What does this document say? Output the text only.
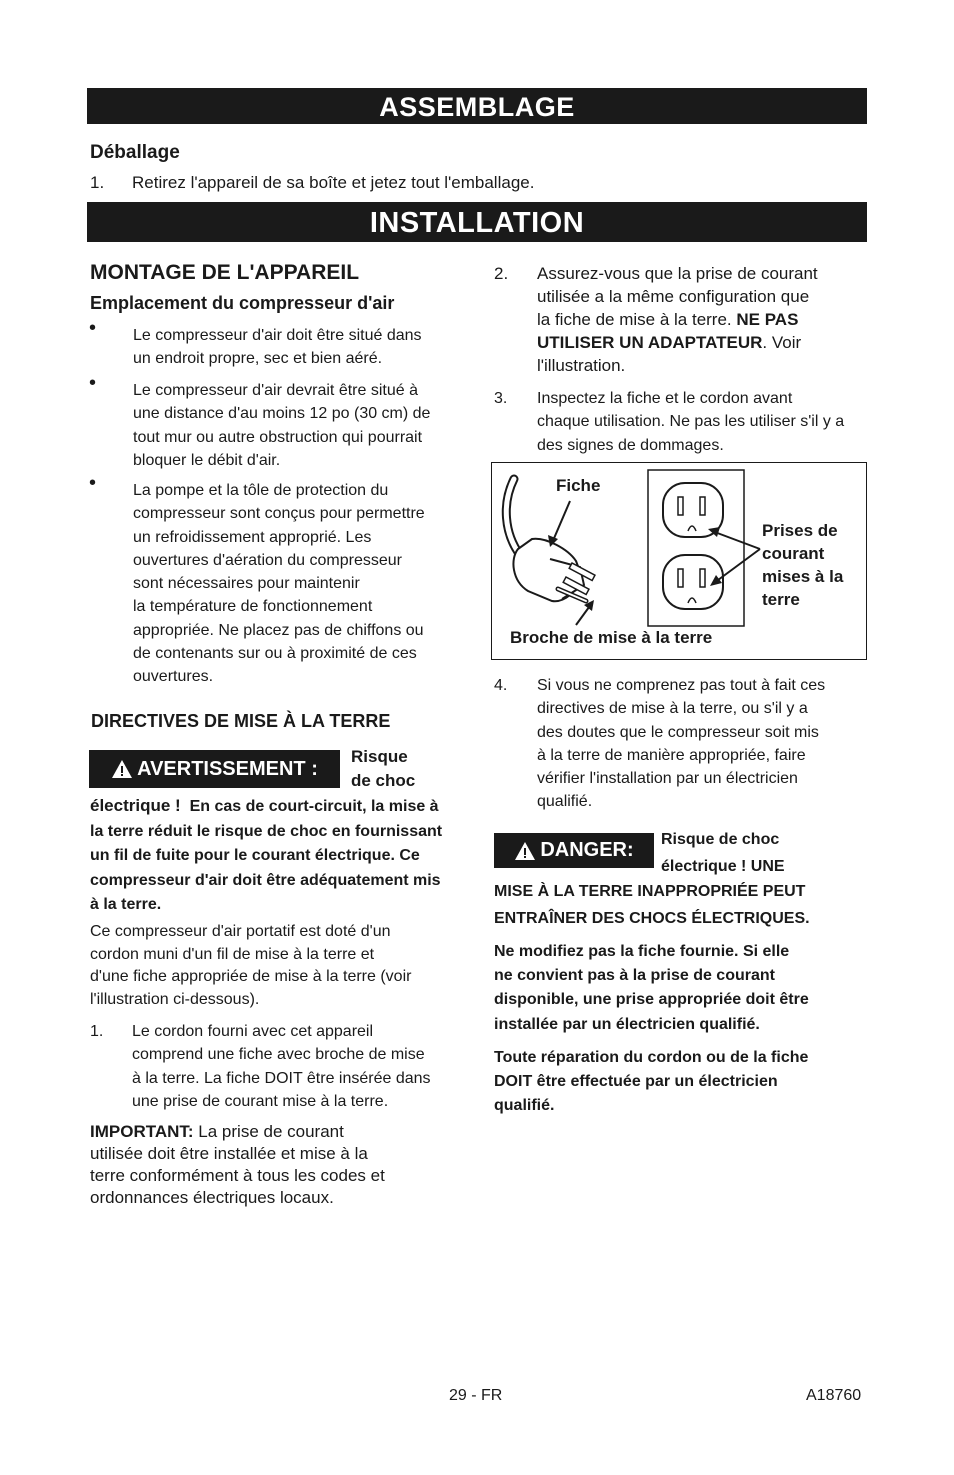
ASSEMBLAGE
Déballage
1. Retirez l'appareil de sa boîte et jetez tout l'emballage.
INSTALLATION
MONTAGE DE L'APPAREIL
Emplacement du compresseur d'air
• Le compresseur d'air doit être situé dans
un endroit propre, sec et bien aéré.
• Le compresseur d'air devrait être situé à
une distance d'au moins 12 po (30 cm) de
tout mur ou autre obstruction qui pourrait
bloquer le débit d'air.
• La pompe et la tôle de protection du
compresseur sont conçus pour permettre
un refroidissement approprié. Les
ouvertures d'aération du compresseur
sont nécessaires pour maintenir
la température de fonctionnement
appropriée. Ne placez pas de chiffons ou
de contenants sur ou à proximité de ces
ouvertures.
DIRECTIVES DE MISE À LA TERRE
AVERTISSEMENT :
Risque
de choc
électrique ! En cas de court-circuit, la mise à
la terre réduit le risque de choc en fournissant
un fil de fuite pour le courant électrique. Ce
compresseur d'air doit être adéquatement mis
à la terre.
Ce compresseur d'air portatif est doté d'un
cordon muni d'un fil de mise à la terre et
d'une fiche appropriée de mise à la terre (voir
l'illustration ci-dessous).
1. Le cordon fourni avec cet appareil
comprend une fiche avec broche de mise
à la terre. La fiche DOIT être insérée dans
une prise de courant mise à la terre.
IMPORTANT: La prise de courant
utilisée doit être installée et mise à la
terre conformément à tous les codes et
ordonnances électriques locaux.
2. Assurez-vous que la prise de courant
utilisée a la même configuration que
la fiche de mise à la terre. NE PAS
UTILISER UN ADAPTATEUR. Voir
l'illustration.
3. Inspectez la fiche et le cordon avant
chaque utilisation. Ne pas les utiliser s'il y a
des signes de dommages.
Fiche
Prises de
courant
mises à la
terre
Broche de mise à la terre
4. Si vous ne comprenez pas tout à fait ces
directives de mise à la terre, ou s'il y a
des doutes que le compresseur soit mis
à la terre de manière appropriée, faire
vérifier l'installation par un électricien
qualifié.
DANGER: Risque de choc
électrique ! UNE
MISE À LA TERRE INAPPROPRIÉE PEUT
ENTRAÎNER DES CHOCS ÉLECTRIQUES.
Ne modifiez pas la fiche fournie. Si elle
ne convient pas à la prise de courant
disponible, une prise appropriée doit être
installée par un électricien qualifié.
Toute réparation du cordon ou de la fiche
DOIT être effectuée par un électricien
qualifié.
29 - FR	A18760
